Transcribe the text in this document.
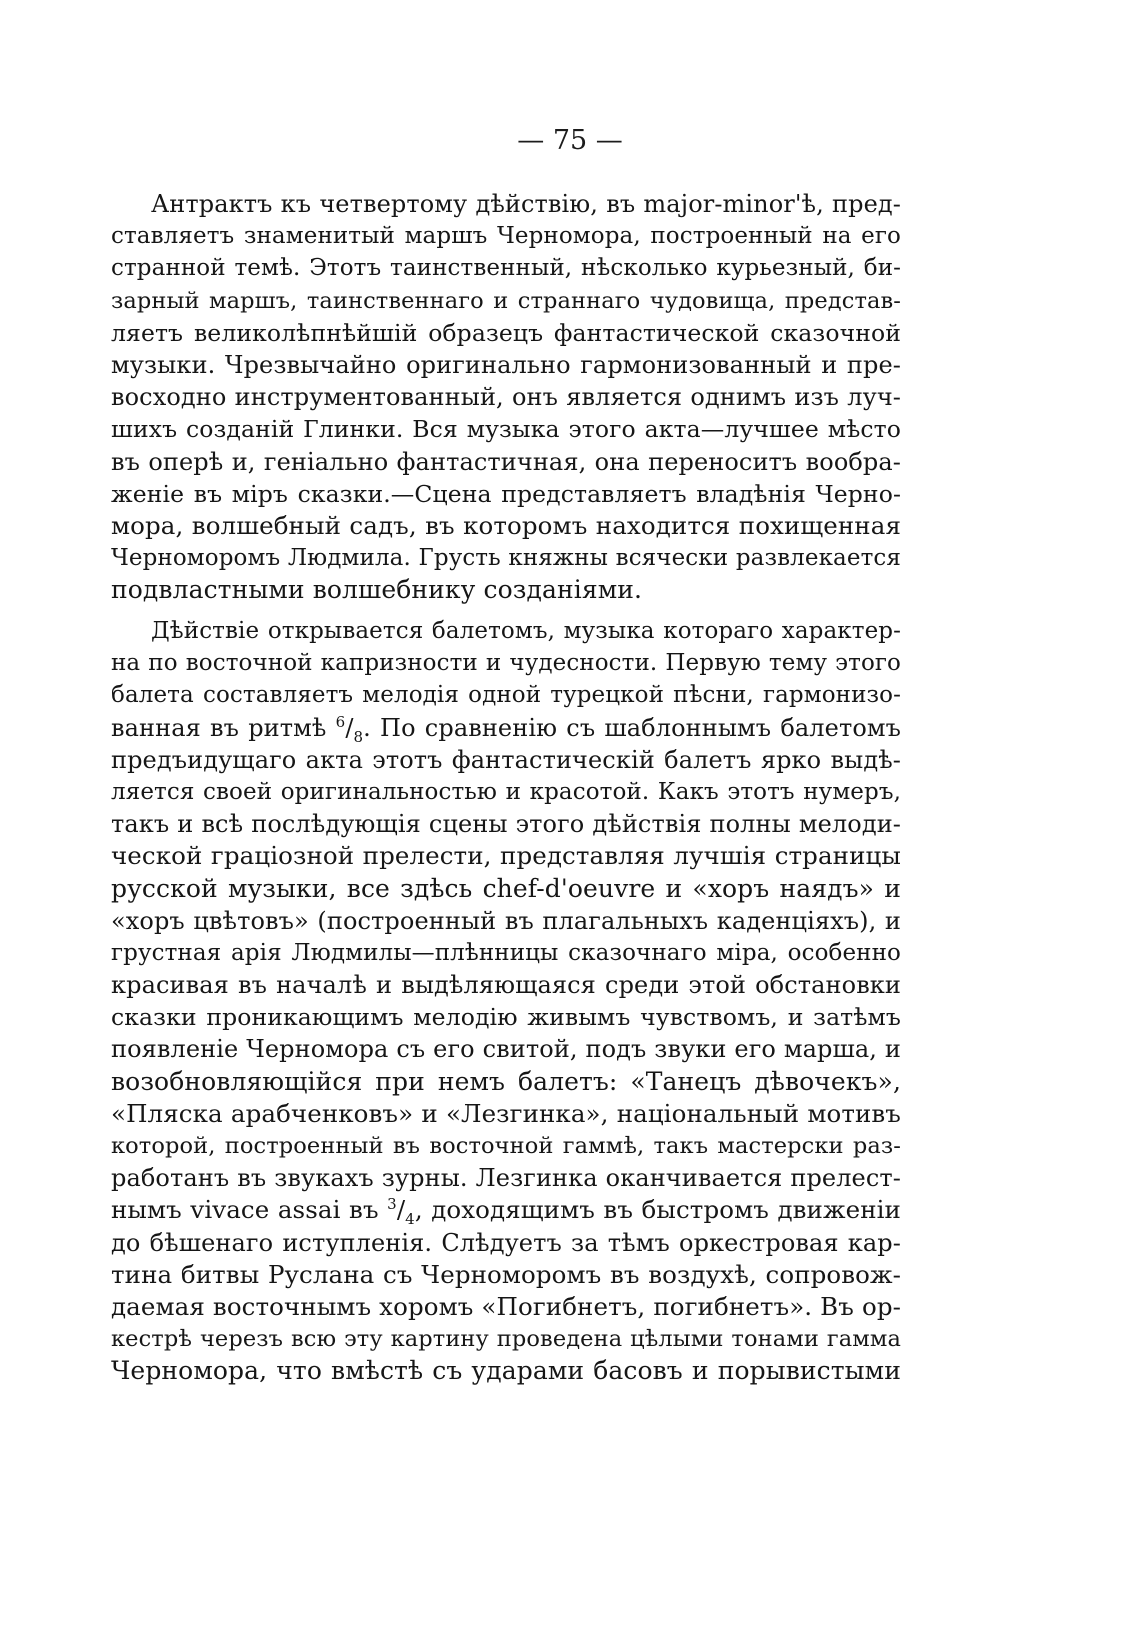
— 75 —
Антрактъ къ четвертому дѣйствію, въ major-minor'ѣ, пред-
ставляетъ знаменитый маршъ Черномора, построенный на его
странной темѣ. Этотъ таинственный, нѣсколько курьезный, би-
зарный маршъ, таинственнаго и страннаго чудовища, представ-
ляетъ великолѣпнѣйшій образецъ фантастической сказочной
музыки. Чрезвычайно оригинально гармонизованный и пре-
восходно инструментованный, онъ является однимъ изъ луч-
шихъ созданій Глинки. Вся музыка этого акта—лучшее мѣсто
въ оперѣ и, геніально фантастичная, она переноситъ вообра-
женіе въ міръ сказки.—Сцена представляетъ владѣнія Черно-
мора, волшебный садъ, въ которомъ находится похищенная
Черноморомъ Людмила. Грусть княжны всячески развлекается
подвластными волшебнику созданіями.
Дѣйствіе открывается балетомъ, музыка котораго характер-
на по восточной капризности и чудесности. Первую тему этого
балета составляетъ мелодія одной турецкой пѣсни, гармонизо-
ванная въ ритмѣ $^6/_8$. По сравненію съ шаблоннымъ балетомъ
предъидущаго акта этотъ фантастическій балетъ ярко выдѣ-
ляется своей оригинальностью и красотой. Какъ этотъ нумеръ,
такъ и всѣ послѣдующія сцены этого дѣйствія полны мелоди-
ческой граціозной прелести, представляя лучшія страницы
русской музыки, все здѣсь chef-d'oeuvre и «хоръ наядъ» и
«хоръ цвѣтовъ» (построенный въ плагальныхъ каденціяхъ), и
грустная арія Людмилы—плѣнницы сказочнаго міра, особенно
красивая въ началѣ и выдѣляющаяся среди этой обстановки
сказки проникающимъ мелодію живымъ чувствомъ, и затѣмъ
появленіе Черномора съ его свитой, подъ звуки его марша, и
возобновляющійся при немъ балетъ: «Танецъ дѣвочекъ»,
«Пляска арабченковъ» и «Лезгинка», національный мотивъ
которой, построенный въ восточной гаммѣ, такъ мастерски раз-
работанъ въ звукахъ зурны. Лезгинка оканчивается прелест-
нымъ vivace assai въ $^3/_4$, доходящимъ въ быстромъ движеніи
до бѣшенаго иступленія. Слѣдуетъ за тѣмъ оркестровая кар-
тина битвы Руслана съ Черноморомъ въ воздухѣ, сопровож-
даемая восточнымъ хоромъ «Погибнетъ, погибнетъ». Въ ор-
кестрѣ черезъ всю эту картину проведена цѣлыми тонами гамма
Черномора, что вмѣстѣ съ ударами басовъ и порывистыми
